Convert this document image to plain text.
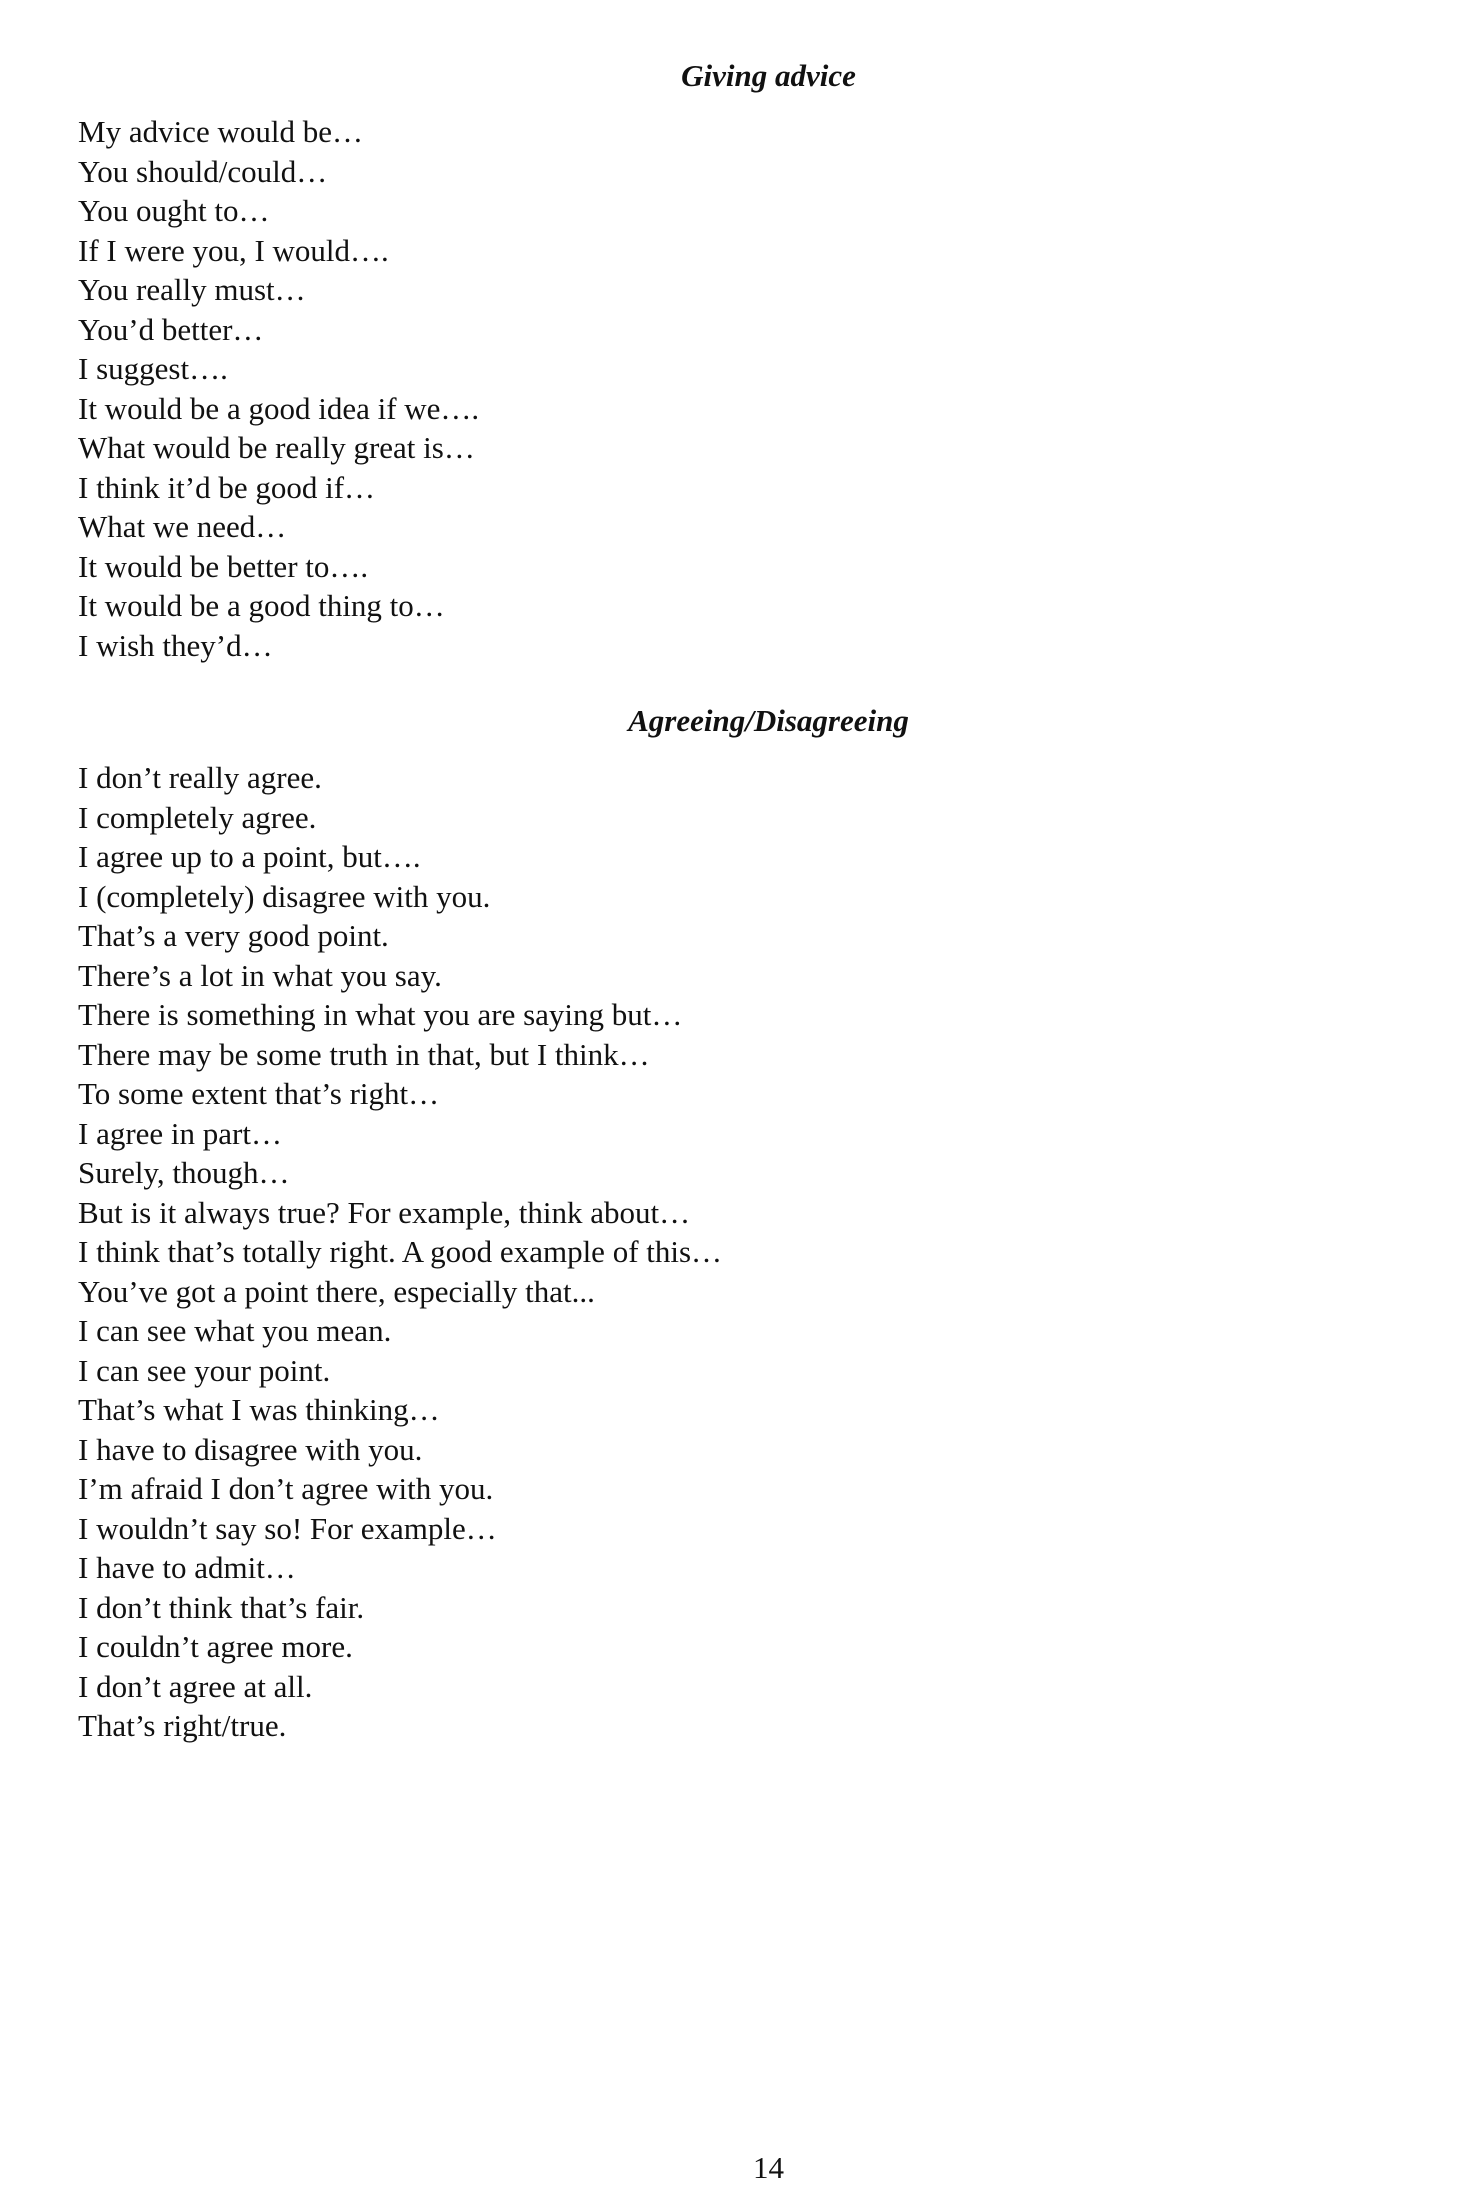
Giving advice
My advice would be…
You should/could…
You ought to…
If I were you, I would….
You really must…
You’d better…
I suggest….
It would be a good idea if we….
What would be really great is…
I think it’d be good if…
What we need…
It would be better to….
It would be a good thing to…
I wish they’d…
Agreeing/Disagreeing
I don’t really agree.
I completely agree.
I agree up to a point, but….
I (completely) disagree with you.
That’s a very good point.
There’s a lot in what you say.
There is something in what you are saying but…
There may be some truth in that, but I think…
To some extent that’s right…
I agree in part…
Surely, though…
But is it always true? For example, think about…
I think that’s totally right. A good example of this…
You’ve got a point there, especially that...
I can see what you mean.
I can see your point.
That’s what I was thinking…
I have to disagree with you.
I’m afraid I don’t agree with you.
I wouldn’t say so! For example…
I have to admit…
I don’t think that’s fair.
I couldn’t agree more.
I don’t agree at all.
That’s right/true.
14
